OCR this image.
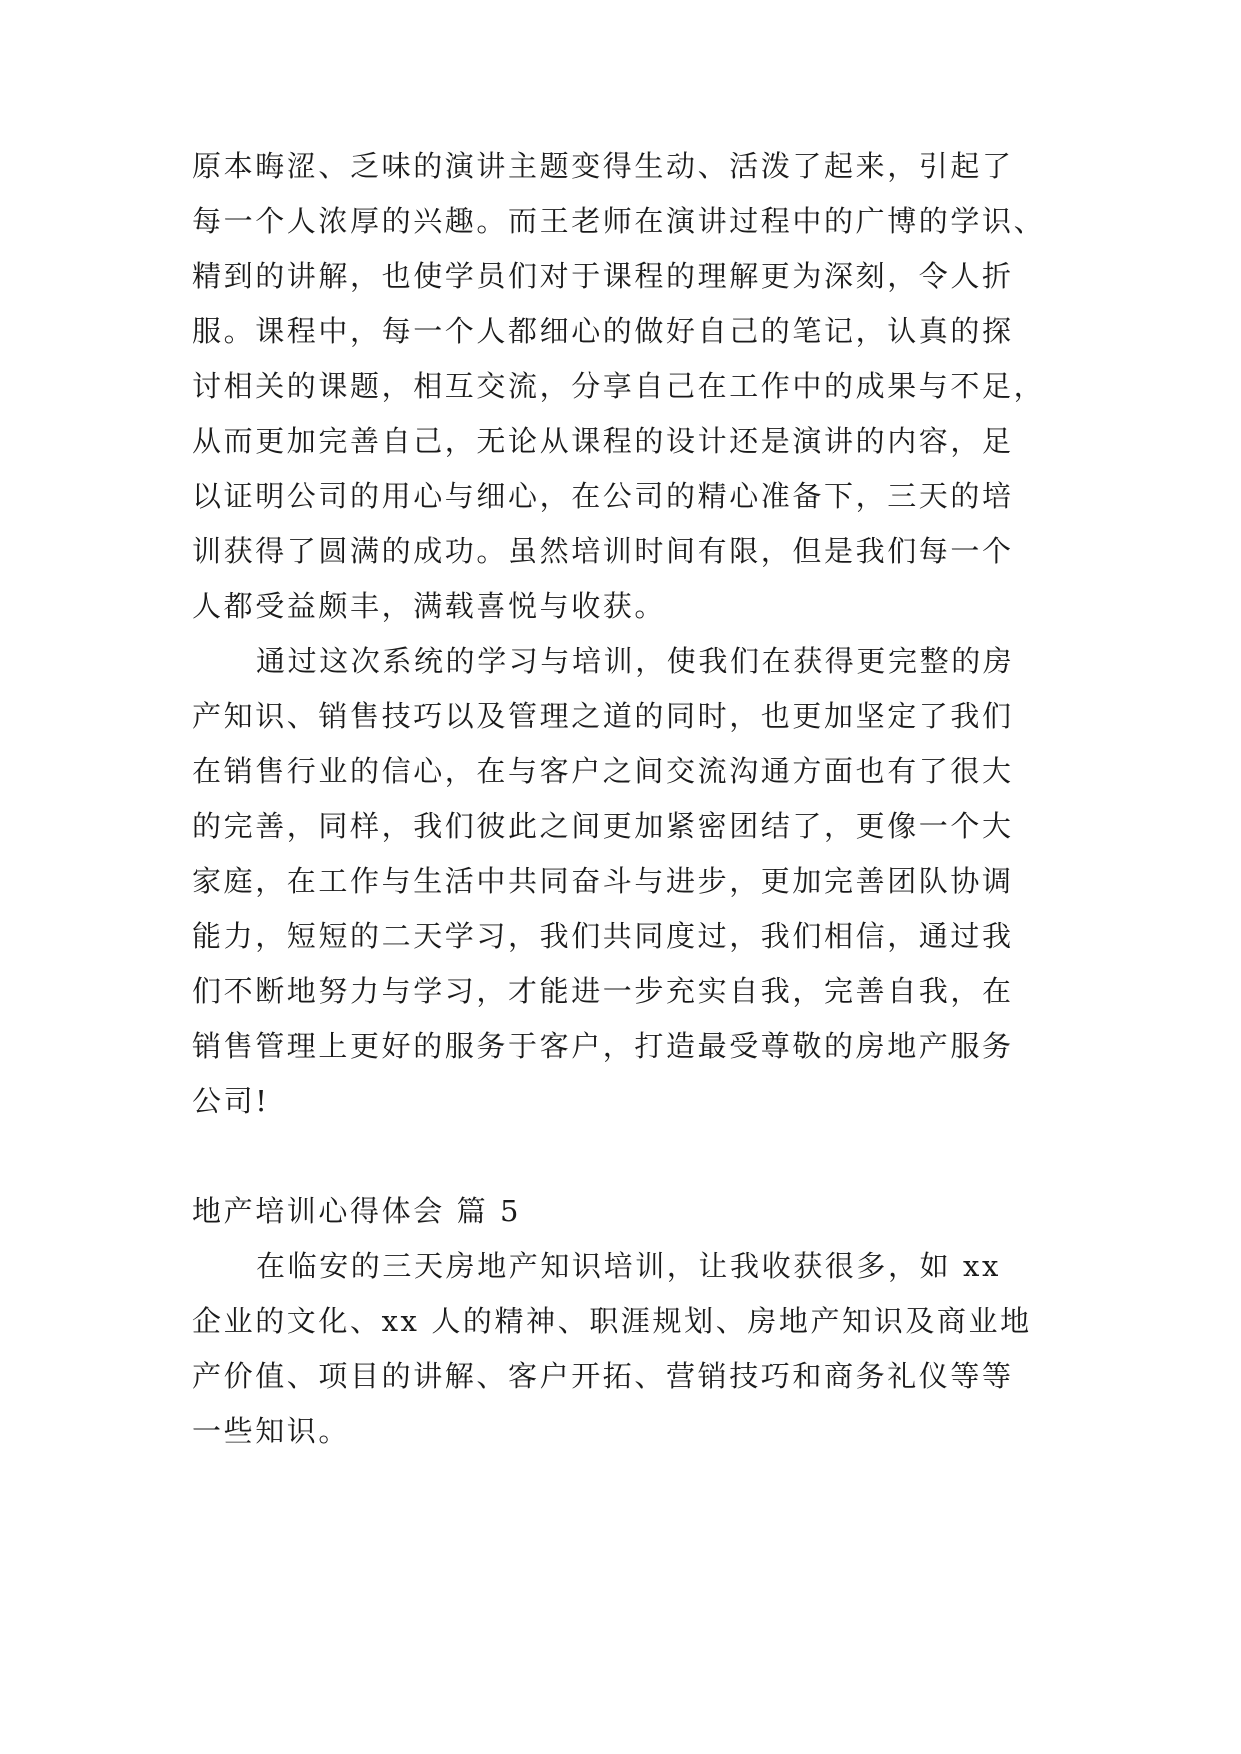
原本晦涩、乏味的演讲主题变得生动、活泼了起来，引起了
每一个人浓厚的兴趣。而王老师在演讲过程中的广博的学识、
精到的讲解，也使学员们对于课程的理解更为深刻，令人折
服。课程中，每一个人都细心的做好自己的笔记，认真的探
讨相关的课题，相互交流，分享自己在工作中的成果与不足，
从而更加完善自己，无论从课程的设计还是演讲的内容，足
以证明公司的用心与细心，在公司的精心准备下，三天的培
训获得了圆满的成功。虽然培训时间有限，但是我们每一个
人都受益颇丰，满载喜悦与收获。
通过这次系统的学习与培训，使我们在获得更完整的房
产知识、销售技巧以及管理之道的同时，也更加坚定了我们
在销售行业的信心，在与客户之间交流沟通方面也有了很大
的完善，同样，我们彼此之间更加紧密团结了，更像一个大
家庭，在工作与生活中共同奋斗与进步，更加完善团队协调
能力，短短的二天学习，我们共同度过，我们相信，通过我
们不断地努力与学习，才能进一步充实自我，完善自我，在
销售管理上更好的服务于客户，打造最受尊敬的房地产服务
公司!
地产培训心得体会 篇 5
在临安的三天房地产知识培训，让我收获很多，如 xx
企业的文化、xx 人的精神、职涯规划、房地产知识及商业地
产价值、项目的讲解、客户开拓、营销技巧和商务礼仪等等
一些知识。
